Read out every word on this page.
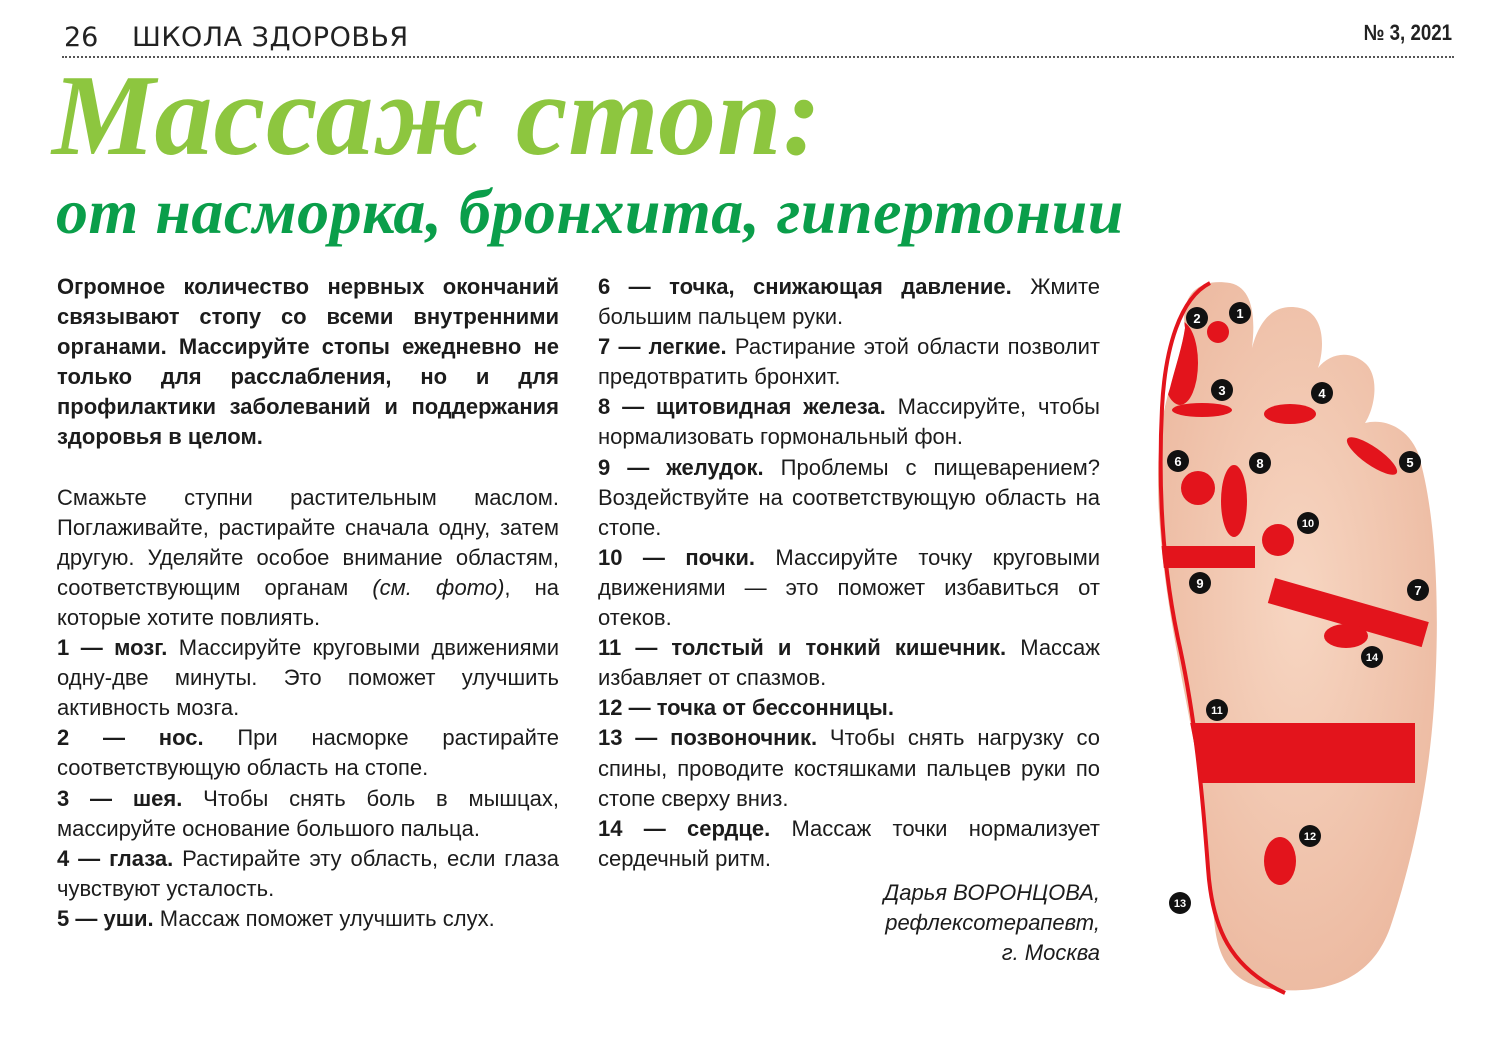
26 ШКОЛА ЗДОРОВЬЯ	№ 3, 2021
Массаж стоп:
от насморка, бронхита, гипертонии

Огромное количество нервных окончаний связывают стопу со всеми внутренними органами. Массируйте стопы ежедневно не только для расслабления, но и для профилактики заболеваний и поддержания здоровья в целом.

Смажьте ступни растительным маслом. Поглаживайте, растирайте сначала одну, затем другую. Уделяйте особое внимание областям, соответствующим органам (см. фото), на которые хотите повлиять.

1 — мозг. Массируйте круговыми движениями одну-две минуты. Это поможет улучшить активность мозга.

2 — нос. При насморке растирайте соответствующую область на стопе.

3 — шея. Чтобы снять боль в мышцах, массируйте основание большого пальца.

4 — глаза. Растирайте эту область, если глаза чувствуют усталость.

5 — уши. Массаж поможет улучшить слух.

6 — точка, снижающая давление. Жмите большим пальцем руки.

7 — легкие. Растирание этой области позволит предотвратить бронхит.

8 — щитовидная железа. Массируйте, чтобы нормализовать гормональный фон.

9 — желудок. Проблемы с пищеварением? Воздействуйте на соответствующую область на стопе.

10 — почки. Массируйте точку круговыми движениями — это поможет избавиться от отеков.

11 — толстый и тонкий кишечник. Массаж избавляет от спазмов.

12 — точка от бессонницы.

13 — позвоночник. Чтобы снять нагрузку со спины, проводите костяшками пальцев руки по стопе сверху вниз.

14 — сердце. Массаж точки нормализует сердечный ритм.

Дарья ВОРОНЦОВА,
рефлексотерапевт,
г. Москва
1
2
3	4
5
6
7
8
9
10
11
12
13
14
